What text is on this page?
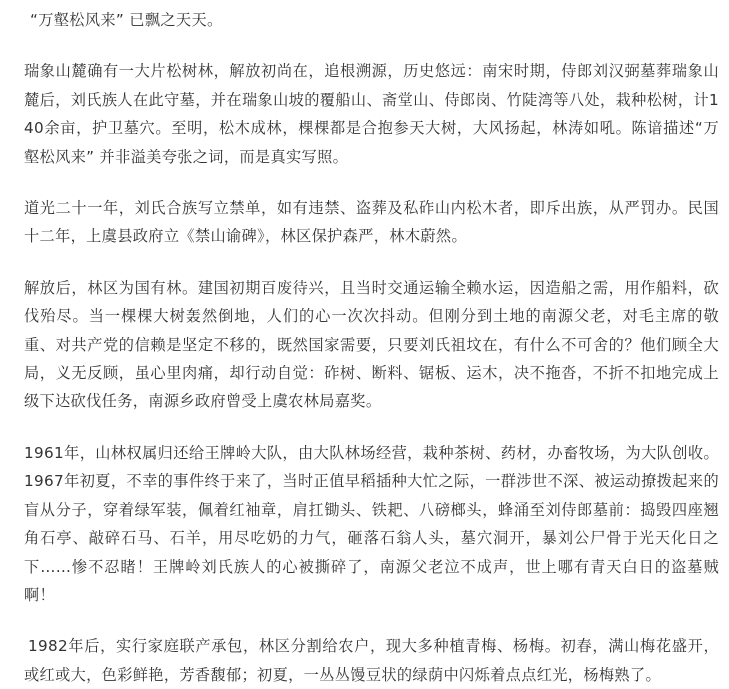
“万壑松风来” 已飘之天天。

瑞象山麓确有一大片松树林，解放初尚在，追根溯源，历史悠远：南宋时期，侍郎刘汉弼墓葬瑞象山麓后，刘氏族人在此守墓，并在瑞象山坡的覆船山、斋堂山、侍郎岗、竹陡湾等八处，栽种松树，计140余亩，护卫墓穴。至明，松木成林，棵棵都是合抱参天大树，大风扬起，林涛如吼。陈谙描述“万壑松风来” 并非溢美夸张之词，而是真实写照。

道光二十一年，刘氏合族写立禁单，如有违禁、盗葬及私砟山内松木者，即斥出族，从严罚办。民国十二年，上虞县政府立《禁山谕碑》，林区保护森严，林木蔚然。

解放后，林区为国有林。建国初期百废待兴，且当时交通运输全赖水运，因造船之需，用作船料，砍伐殆尽。当一棵棵大树轰然倒地，人们的心一次次抖动。但刚分到土地的南源父老，对毛主席的敬重、对共产党的信赖是坚定不移的，既然国家需要，只要刘氏祖坟在，有什么不可舍的？他们顾全大局，义无反顾，虽心里肉痛，却行动自觉：砟树、断料、锯板、运木，决不拖沓，不折不扣地完成上级下达砍伐任务，南源乡政府曾受上虞农林局嘉奖。

1961年，山林权属归还给王牌岭大队，由大队林场经营，栽种茶树、药材，办畜牧场，为大队创收。1967年初夏，不幸的事件终于来了，当时正值早稻插种大忙之际，一群涉世不深、被运动撩拨起来的盲从分子，穿着绿军装，佩着红袖章，肩扛锄头、铁耙、八磅榔头，蜂涌至刘侍郎墓前：捣毁四座翘角石亭、敲碎石马、石羊，用尽吃奶的力气，砸落石翁人头，墓穴洞开，暴刘公尸骨于光天化日之下……惨不忍睹！王牌岭刘氏族人的心被撕碎了，南源父老泣不成声，世上哪有青天白日的盗墓贼啊！

1982年后，实行家庭联产承包，林区分割给农户，现大多种植青梅、杨梅。初春，满山梅花盛开，或红或大，色彩鲜艳，芳香馥郁；初夏，一丛丛馒豆状的绿荫中闪烁着点点红光，杨梅熟了。
